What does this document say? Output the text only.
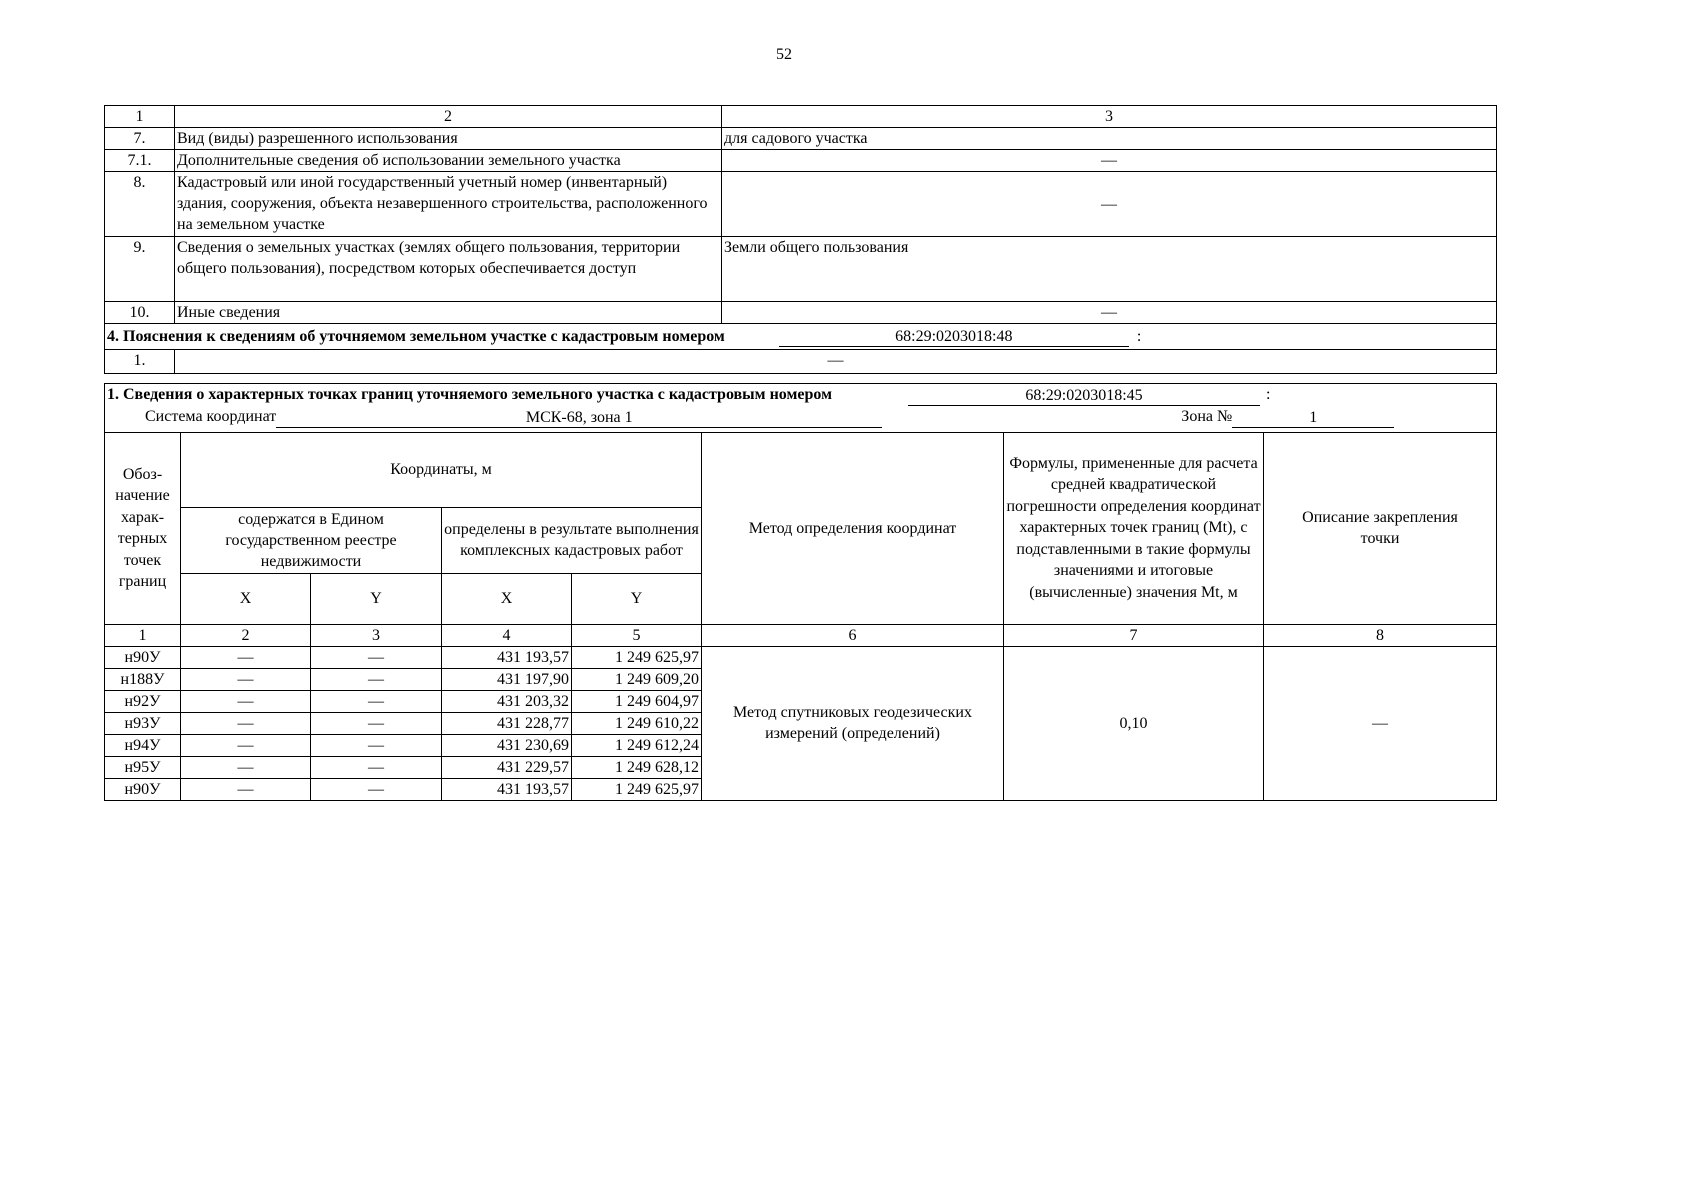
52
1	2	3
7.	Вид (виды) разрешенного использования	для садового участка
7.1.	Дополнительные сведения об использовании земельного участка	—
8.	Кадастровый или иной государственный учетный номер (инвентарный) здания, сооружения, объекта незавершенного строительства, расположенного на земельном участке	—
9.	Сведения о земельных участках (землях общего пользования, территории общего пользования), посредством которых обеспечивается доступ	Земли общего пользования
10.	Иные сведения	—
4. Пояснения к сведениям об уточняемом земельном участке с кадастровым номером 68:29:0203018:48 :		
1.	—	
1. Сведения о характерных точках границ уточняемого земельного участка с кадастровым номером 68:29:0203018:45 :							
Система координат МСК-68, зона 1 Зона № 1							
Обоз-начение харак-терных точек границ	Координаты, м				Метод определения координат	Формулы, примененные для расчета средней квадратической погрешности определения координат характерных точек границ (Mt), с подставленными в такие формулы значениями и итоговые (вычисленные) значения Mt, м	Описание закрепления точки
	содержатся в Едином государственном реестре недвижимости		определены в результате выполнения комплексных кадастровых работ				
	X	Y	X	Y			
1	2	3	4	5	6	7	8
н90У	—	—	431 193,57	1 249 625,97	Метод спутниковых геодезических измерений (определений)	0,10	—
н188У	—	—	431 197,90	1 249 609,20			
н92У	—	—	431 203,32	1 249 604,97			
н93У	—	—	431 228,77	1 249 610,22			
н94У	—	—	431 230,69	1 249 612,24			
н95У	—	—	431 229,57	1 249 628,12			
н90У	—	—	431 193,57	1 249 625,97			
